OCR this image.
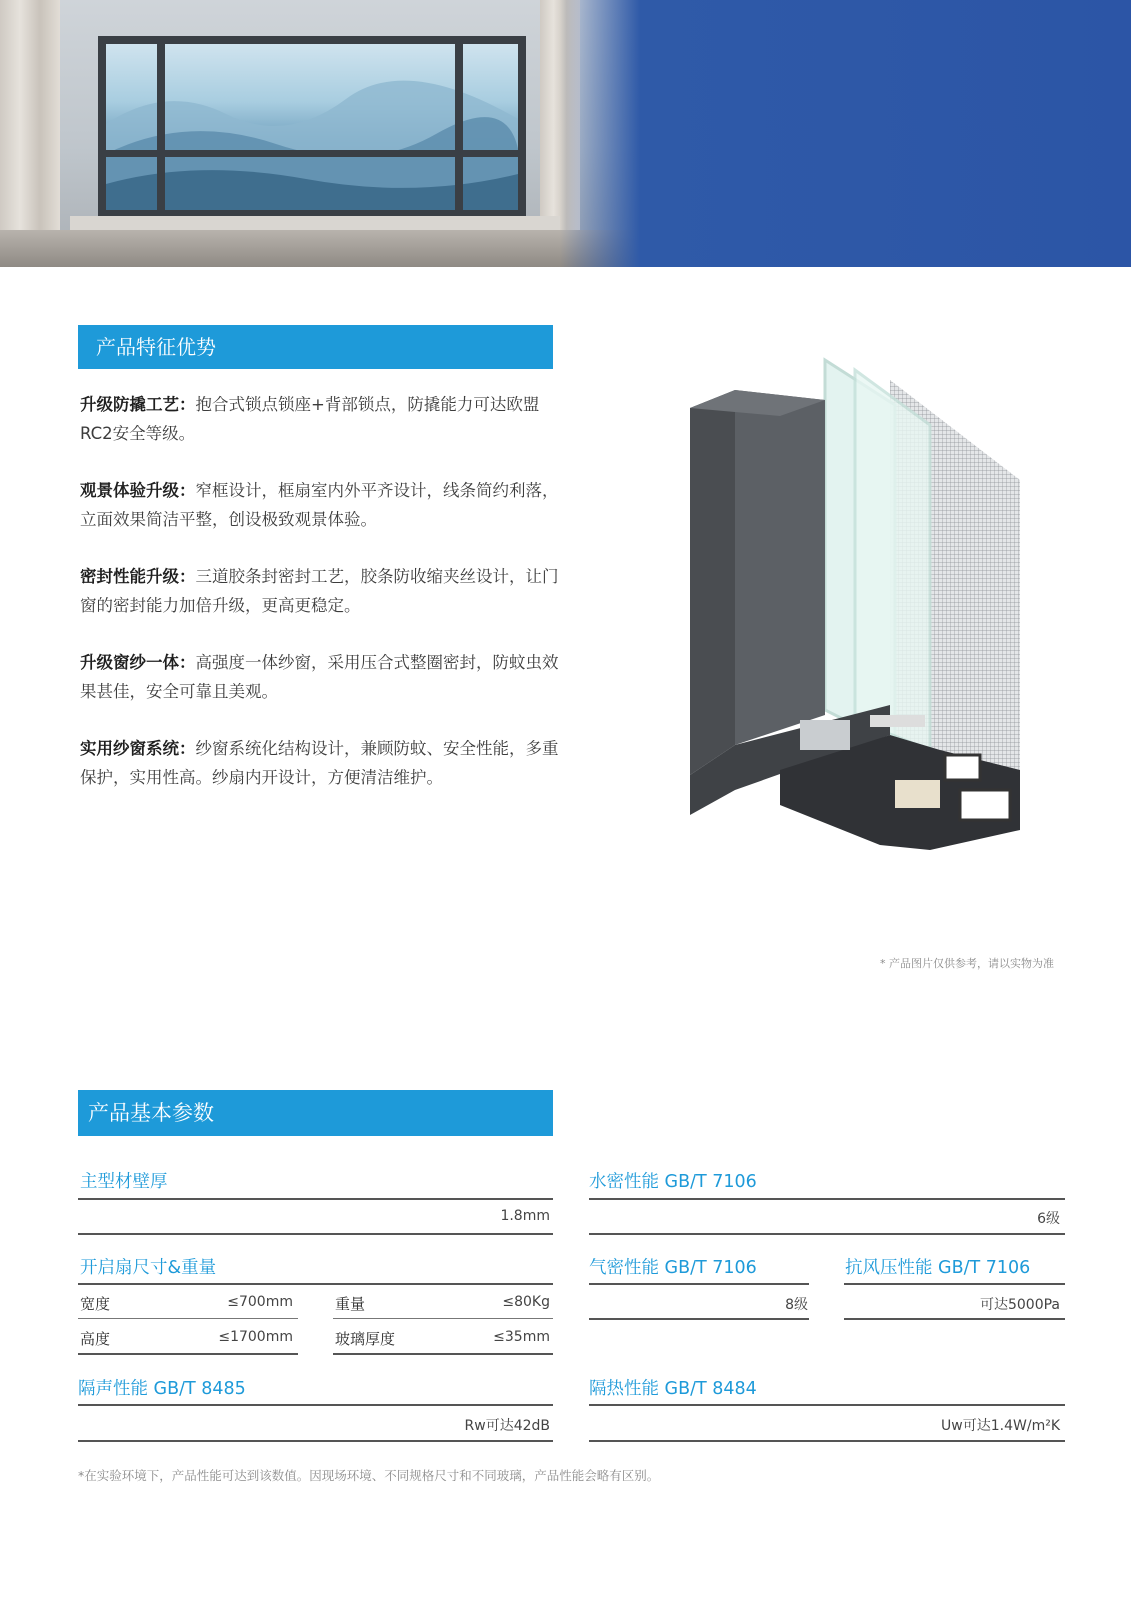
产品特征优势
升级防撬工艺：抱合式锁点锁座+背部锁点，防撬能力可达欧盟RC2安全等级。
观景体验升级：窄框设计，框扇室内外平齐设计，线条简约利落，立面效果简洁平整，创设极致观景体验。
密封性能升级：三道胶条封密封工艺，胶条防收缩夹丝设计，让门窗的密封能力加倍升级，更高更稳定。
升级窗纱一体：高强度一体纱窗，采用压合式整圈密封，防蚊虫效果甚佳，安全可靠且美观。
实用纱窗系统：纱窗系统化结构设计，兼顾防蚊、安全性能，多重保护，实用性高。纱扇内开设计，方便清洁维护。
* 产品图片仅供参考，请以实物为准
产品基本参数
主型材壁厚
1.8mm
水密性能 GB/T 7106
6级
开启扇尺寸&重量
宽度	≤700mm	重量	≤80Kg
高度	≤1700mm	玻璃厚度	≤35mm
气密性能 GB/T 7106
8级
抗风压性能 GB/T 7106
可达5000Pa
隔声性能 GB/T 8485
Rw可达42dB
隔热性能 GB/T 8484
Uw可达1.4W/m²K
*在实验环境下，产品性能可达到该数值。因现场环境、不同规格尺寸和不同玻璃，产品性能会略有区别。
